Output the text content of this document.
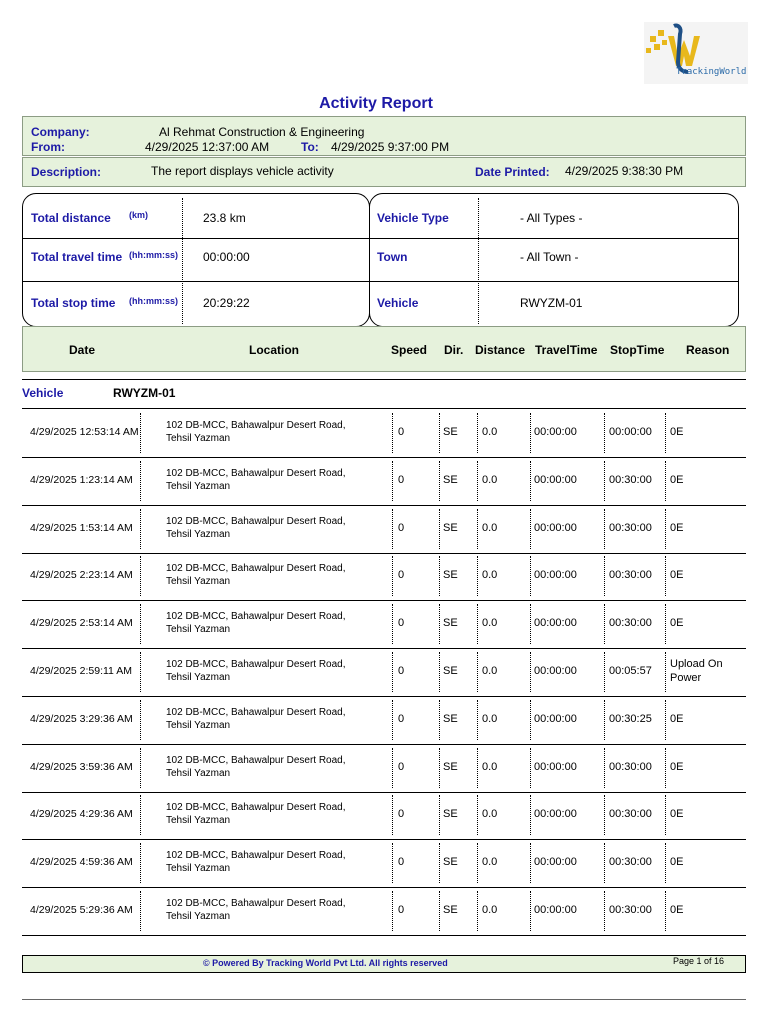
TrackingWorld
Activity Report
Company:	Al Rehmat Construction & Engineering
From:	4/29/2025 12:37:00 AM	To: 4/29/2025 9:37:00 PM
Description:	The report displays vehicle activity	Date Printed: 4/29/2025 9:38:30 PM
Total distance (km)	23.8 km
Total travel time (hh:mm:ss) 00:00:00
Total stop time (hh:mm:ss) 20:29:22
Vehicle Type	- All Types -
Town	- All Town -
Vehicle	RWYZM-01
Date	Location	Speed Dir. Distance TravelTime StopTime Reason
Vehicle	RWYZM-01
4/29/2025 12:53:14 AM
102 DB-MCC, Bahawalpur Desert Road,
Tehsil Yazman
0	SE	0.0	00:00:00	00:00:00	0E
4/29/2025 1:23:14 AM
102 DB-MCC, Bahawalpur Desert Road,
Tehsil Yazman
0	SE	0.0	00:00:00	00:30:00	0E
4/29/2025 1:53:14 AM
102 DB-MCC, Bahawalpur Desert Road,
Tehsil Yazman
0	SE	0.0	00:00:00	00:30:00	0E
4/29/2025 2:23:14 AM
102 DB-MCC, Bahawalpur Desert Road,
Tehsil Yazman
0	SE	0.0	00:00:00	00:30:00	0E
4/29/2025 2:53:14 AM
102 DB-MCC, Bahawalpur Desert Road,
Tehsil Yazman
0	SE	0.0	00:00:00	00:30:00	0E
4/29/2025 2:59:11 AM
102 DB-MCC, Bahawalpur Desert Road,
Tehsil Yazman
0	SE	0.0	00:00:00	00:05:57
Upload On Power
4/29/2025 3:29:36 AM
102 DB-MCC, Bahawalpur Desert Road,
Tehsil Yazman
0	SE	0.0	00:00:00	00:30:25	0E
4/29/2025 3:59:36 AM
102 DB-MCC, Bahawalpur Desert Road,
Tehsil Yazman
0	SE	0.0	00:00:00	00:30:00	0E
4/29/2025 4:29:36 AM
102 DB-MCC, Bahawalpur Desert Road,
Tehsil Yazman
0	SE	0.0	00:00:00	00:30:00	0E
4/29/2025 4:59:36 AM
102 DB-MCC, Bahawalpur Desert Road,
Tehsil Yazman
0	SE	0.0	00:00:00	00:30:00	0E
4/29/2025 5:29:36 AM
102 DB-MCC, Bahawalpur Desert Road,
Tehsil Yazman
0	SE	0.0	00:00:00	00:30:00	0E
© Powered By Tracking World Pvt Ltd. All rights reserved	Page 1 of 16
